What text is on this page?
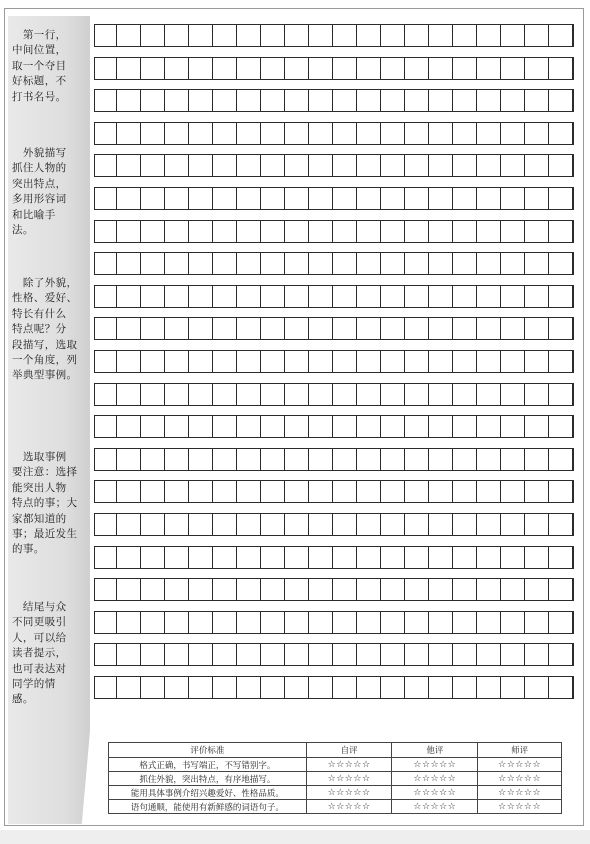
　第一行，
中间位置，
取一个夺目
好标题，不
打书名号。
　外貌描写
抓住人物的
突出特点，
多用形容词
和比喻手
法。
　除了外貌，
性格、爱好、
特长有什么
特点呢？分
段描写，选取
一个角度，列
举典型事例。
　选取事例
要注意：选择
能突出人物
特点的事；大
家都知道的
事；最近发生
的事。
　结尾与众
不同更吸引
人，可以给
读者提示，
也可表达对
同学的情
感。
评价标准	自评	他评	师评
格式正确，书写端正，不写错别字。	☆☆☆☆☆	☆☆☆☆☆	☆☆☆☆☆
抓住外貌，突出特点，有序地描写。	☆☆☆☆☆	☆☆☆☆☆	☆☆☆☆☆
能用具体事例介绍兴趣爱好、性格品质。	☆☆☆☆☆	☆☆☆☆☆	☆☆☆☆☆
语句通顺，能使用有新鲜感的词语句子。	☆☆☆☆☆	☆☆☆☆☆	☆☆☆☆☆
